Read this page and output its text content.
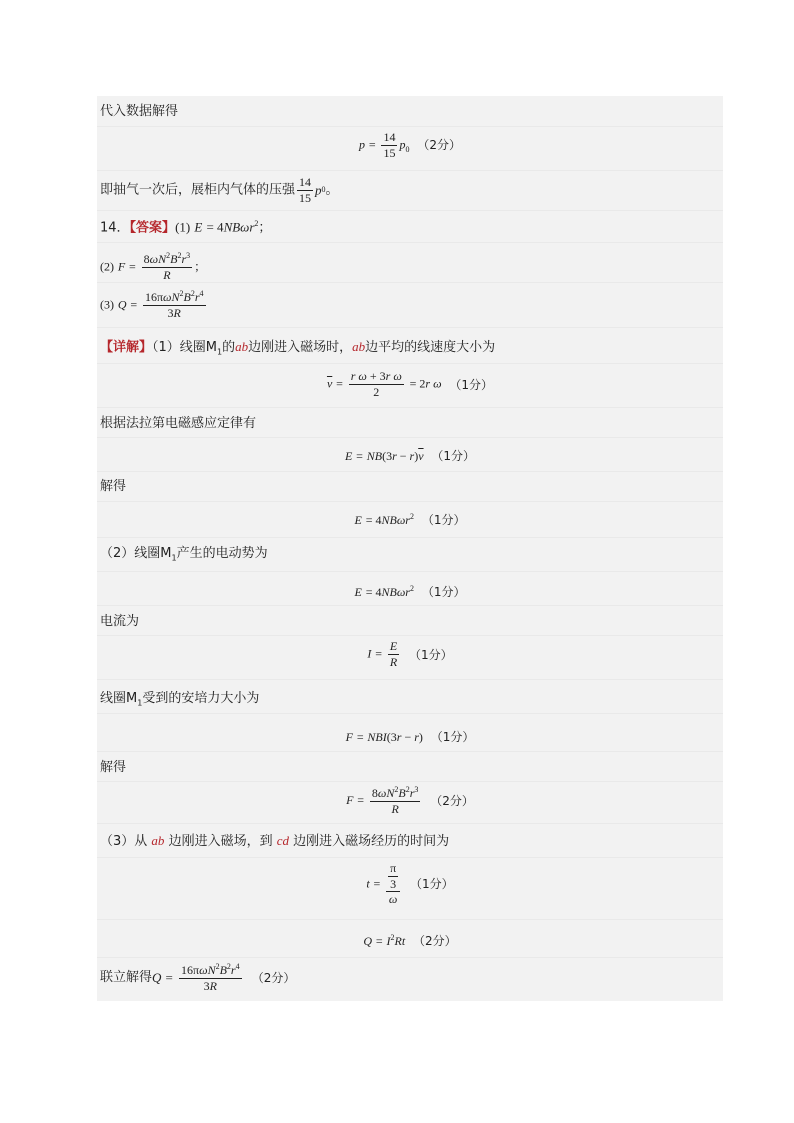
代入数据解得
$p = \frac{14}{15} p_0$ （2分）
即抽气一次后，展柜内气体的压强 $\frac{14}{15} p0$。
14．【答案】(1) E = 4NBωr$^2$；
(2) $F = \frac{8\omega N^2B^2r^3}{R}$ ；
(3) $Q = \frac{16\pi\omega N^2B^2r^4}{3R}$
【详解】（1）线圈$M_1$的ab边刚进入磁场时，ab边平均的线速度大小为
$\overline{v} = \frac{\text{r ω + 3r ω}}{2} = 2r$ ω （1分）
根据法拉第电磁感应定律有
$E = NB(3r - r)\overline{v}$ （1分）
解得
E = 4NBωr$^2$ （1分）
（2）线圈$M_1$产生的电动势为
E = 4NBωr$^2$ （1分）
电流为
$I = \frac{E}{R} (1$分）
线圈$M_1$受到的安培力大小为
F = NBI(3r − r) （1分）
解得
$F = \frac{8\omega N^2B^2r^3}{R} (2$分）
（3）从 ab 边刚进入磁场，到 cd 边刚进入磁场经历的时间为
$t = \frac{\frac{\pi}{3}}{\omega} (1$分）
$Q = I^2Rt$ （2分）
联立解得$Q = \frac{16\pi\omega N^2B^2r^4}{3R} (2$分）
